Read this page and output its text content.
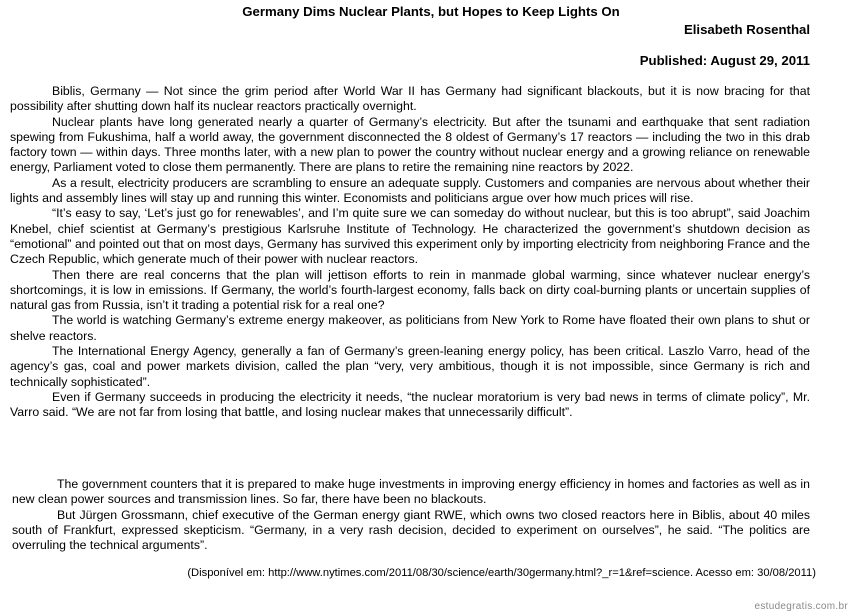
Germany Dims Nuclear Plants, but Hopes to Keep Lights On
Elisabeth Rosenthal
Published: August 29, 2011

Biblis, Germany — Not since the grim period after World War II has Germany had significant blackouts, but it is now bracing for that possibility after shutting down half its nuclear reactors practically overnight.

Nuclear plants have long generated nearly a quarter of Germany’s electricity. But after the tsunami and earthquake that sent radiation spewing from Fukushima, half a world away, the government disconnected the 8 oldest of Germany’s 17 reactors — including the two in this drab factory town — within days. Three months later, with a new plan to power the country without nuclear energy and a growing reliance on renewable energy, Parliament voted to close them permanently. There are plans to retire the remaining nine reactors by 2022.

As a result, electricity producers are scrambling to ensure an adequate supply. Customers and companies are nervous about whether their lights and assembly lines will stay up and running this winter. Economists and politicians argue over how much prices will rise.

“It’s easy to say, ‘Let’s just go for renewables’, and I’m quite sure we can someday do without nuclear, but this is too abrupt”, said Joachim Knebel, chief scientist at Germany’s prestigious Karlsruhe Institute of Technology. He characterized the government’s shutdown decision as “emotional” and pointed out that on most days, Germany has survived this experiment only by importing electricity from neighboring France and the Czech Republic, which generate much of their power with nuclear reactors.

Then there are real concerns that the plan will jettison efforts to rein in manmade global warming, since whatever nuclear energy’s shortcomings, it is low in emissions. If Germany, the world’s fourth-largest economy, falls back on dirty coal-burning plants or uncertain supplies of natural gas from Russia, isn’t it trading a potential risk for a real one?

The world is watching Germany’s extreme energy makeover, as politicians from New York to Rome have floated their own plans to shut or shelve reactors.

The International Energy Agency, generally a fan of Germany’s green-leaning energy policy, has been critical. Laszlo Varro, head of the agency’s gas, coal and power markets division, called the plan “very, very ambitious, though it is not impossible, since Germany is rich and technically sophisticated”.

Even if Germany succeeds in producing the electricity it needs, “the nuclear moratorium is very bad news in terms of climate policy”, Mr. Varro said. “We are not far from losing that battle, and losing nuclear makes that unnecessarily difficult”.

The government counters that it is prepared to make huge investments in improving energy efficiency in homes and factories as well as in new clean power sources and transmission lines. So far, there have been no blackouts.

But Jürgen Grossmann, chief executive of the German energy giant RWE, which owns two closed reactors here in Biblis, about 40 miles south of Frankfurt, expressed skepticism. “Germany, in a very rash decision, decided to experiment on ourselves”, he said. “The politics are overruling the technical arguments”.

(Disponível em: http://www.nytimes.com/2011/08/30/science/earth/30germany.html?_r=1&ref=science. Acesso em: 30/08/2011)
estudegratis.com.br
